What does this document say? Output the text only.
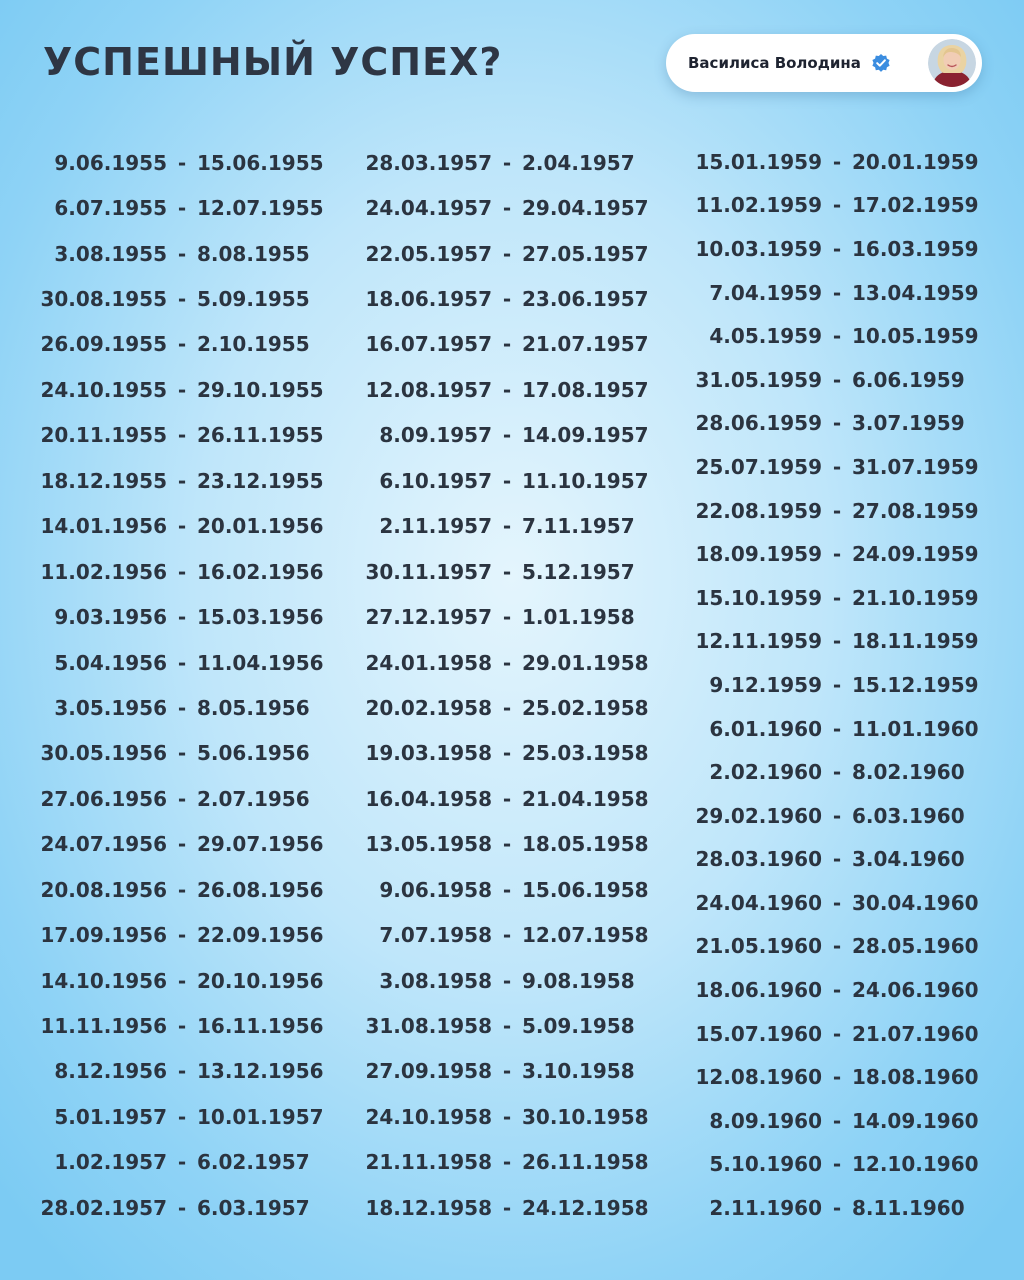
УСПЕШНЫЙ УСПЕХ?	Василиса Володина
9.06.1955 - 15.06.1955
6.07.1955 - 12.07.1955
3.08.1955 - 8.08.1955
30.08.1955 - 5.09.1955
26.09.1955 - 2.10.1955
24.10.1955 - 29.10.1955
20.11.1955 - 26.11.1955
18.12.1955 - 23.12.1955
14.01.1956 - 20.01.1956
11.02.1956 - 16.02.1956
9.03.1956 - 15.03.1956
5.04.1956 - 11.04.1956
3.05.1956 - 8.05.1956
30.05.1956 - 5.06.1956
27.06.1956 - 2.07.1956
24.07.1956 - 29.07.1956
20.08.1956 - 26.08.1956
17.09.1956 - 22.09.1956
14.10.1956 - 20.10.1956
11.11.1956 - 16.11.1956
8.12.1956 - 13.12.1956
5.01.1957 - 10.01.1957
1.02.1957 - 6.02.1957
28.02.1957 - 6.03.1957
28.03.1957 - 2.04.1957
24.04.1957 - 29.04.1957
22.05.1957 - 27.05.1957
18.06.1957 - 23.06.1957
16.07.1957 - 21.07.1957
12.08.1957 - 17.08.1957
8.09.1957 - 14.09.1957
6.10.1957 - 11.10.1957
2.11.1957 - 7.11.1957
30.11.1957 - 5.12.1957
27.12.1957 - 1.01.1958
24.01.1958 - 29.01.1958
20.02.1958 - 25.02.1958
19.03.1958 - 25.03.1958
16.04.1958 - 21.04.1958
13.05.1958 - 18.05.1958
9.06.1958 - 15.06.1958
7.07.1958 - 12.07.1958
3.08.1958 - 9.08.1958
31.08.1958 - 5.09.1958
27.09.1958 - 3.10.1958
24.10.1958 - 30.10.1958
21.11.1958 - 26.11.1958
18.12.1958 - 24.12.1958
15.01.1959 - 20.01.1959
11.02.1959 - 17.02.1959
10.03.1959 - 16.03.1959
7.04.1959 - 13.04.1959
4.05.1959 - 10.05.1959
31.05.1959 - 6.06.1959
28.06.1959 - 3.07.1959
25.07.1959 - 31.07.1959
22.08.1959 - 27.08.1959
18.09.1959 - 24.09.1959
15.10.1959 - 21.10.1959
12.11.1959 - 18.11.1959
9.12.1959 - 15.12.1959
6.01.1960 - 11.01.1960
2.02.1960 - 8.02.1960
29.02.1960 - 6.03.1960
28.03.1960 - 3.04.1960
24.04.1960 - 30.04.1960
21.05.1960 - 28.05.1960
18.06.1960 - 24.06.1960
15.07.1960 - 21.07.1960
12.08.1960 - 18.08.1960
8.09.1960 - 14.09.1960
5.10.1960 - 12.10.1960
2.11.1960 - 8.11.1960
